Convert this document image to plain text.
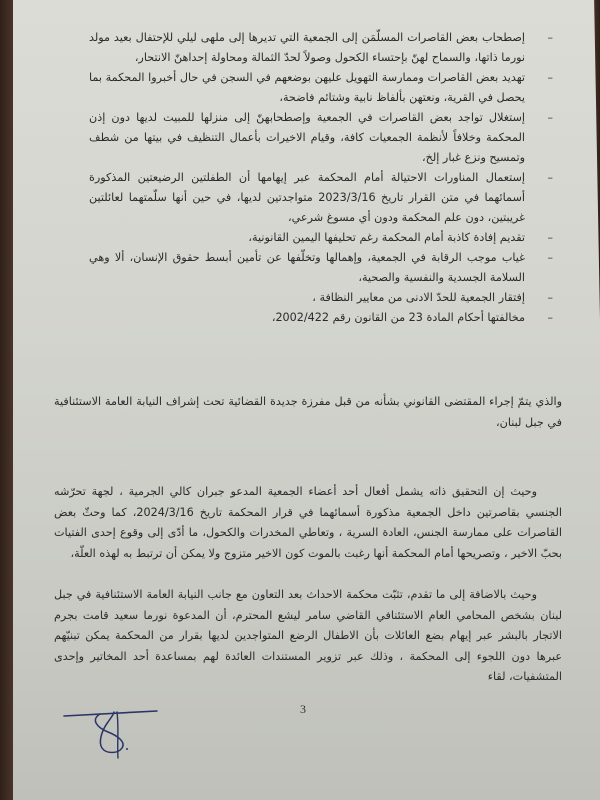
–
إصطحاب بعض القاصرات المسلّمَن إلى الجمعية التي تديرها إلى ملهى ليلي للإحتفال بعيد مولد نورما ذاتها، والسماح لهنّ بإحتساء الكحول وصولاً لحدّ الثمالة ومحاولة إحداهنّ الانتحار،
–
تهديد بعض القاصرات وممارسة التهويل عليهن بوضعهم في السجن في حال أخبروا المحكمة بما يحصل في القرية، ونعتهن بألفاظ نابية وشتائم فاضحة،
–
إستغلال تواجد بعض القاصرات في الجمعية وإصطحابهنّ إلى منزلها للمبيت لديها دون إذن المحكمة وخلافاً لأنظمة الجمعيات كافة، وقيام الاخيرات بأعمال التنظيف في بيتها من شطف وتمسيح ونزع غبار إلخ،
–
إستعمال المناورات الاحتيالة أمام المحكمة عبر إيهامها أن الطفلتين الرضيعتين المذكورة أسمائهما في متن القرار تاريخ 2023/3/16 متواجدتين لديها، في حين أنها سلّمتهما لعائلتين غريبتين، دون علم المحكمة ودون أي مسوغ شرعي،
–
تقديم إفادة كاذبة أمام المحكمة رغم تحليفها اليمين القانونية،
–
غياب موجب الرقابة في الجمعية، وإهمالها وتخلّفها عن تأمين أبسط حقوق الإنسان، ألا وهي السلامة الجسدية والنفسية والصحية،
–
إفتقار الجمعية للحدّ الادنى من معايير النظافة ،
–
مخالفتها أحكام المادة 23 من القانون رقم 2002/422،

والذي يتمّ إجراء المقتضى القانوني بشأنه من قبل مفرزة جديدة القضائية تحت إشراف النيابة العامة الاستئنافية في جبل لبنان،

وحيث إن التحقيق ذاته يشمل أفعال أحد أعضاء الجمعية المدعو جبران كالي الجرمية ، لجهة تحرّشه الجنسي بقاصرتين داخل الجمعية مذكورة أسمائهما في قرار المحكمة تاريخ 2024/3/16، كما وحثّ بعض القاصرات على ممارسة الجنس، العادة السرية ، وتعاطي المخدرات والكحول، ما أدّى إلى وقوع إحدى الفتيات بحبّ الاخير ، وتصريحها أمام المحكمة أنها رغبت بالموت كون الاخير متزوج ولا يمكن أن ترتبط به لهذه العلّة،

وحيث بالاضافة إلى ما تقدم، تثبّت محكمة الاحداث بعد التعاون مع جانب النيابة العامة الاستئنافية في جبل لبنان بشخص المحامي العام الاستئنافي القاضي سامر ليشع المحترم، أن المدعوة نورما سعيد قامت بجرم الاتجار بالبشر عبر إيهام بضع العائلات بأن الاطفال الرضع المتواجدين لديها بقرار من المحكمة يمكن تبنيّهم عبرها دون اللجوء إلى المحكمة ، وذلك عبر تزوير المستندات العائدة لهم بمساعدة أحد المخاتير وإحدى المتشفيات، لقاء

3
